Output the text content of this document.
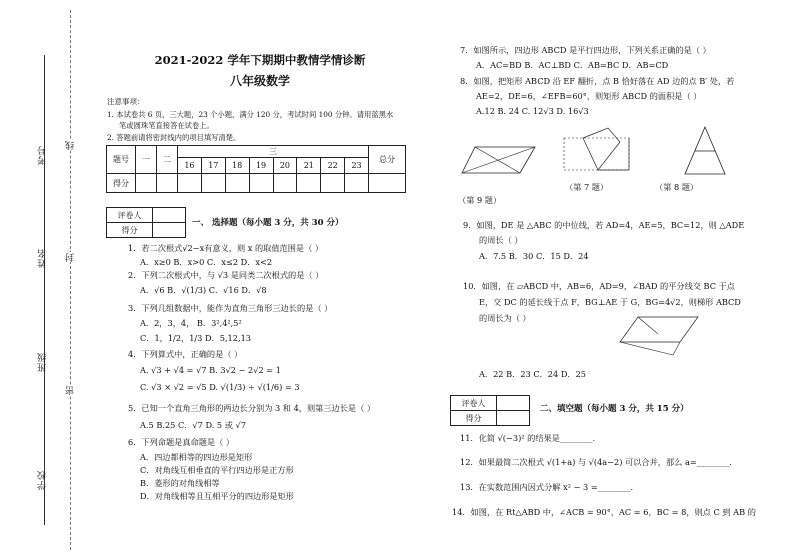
考号
姓名
班级
学校
线
封
密
2021-2022 学年下期期中教情学情诊断
八年级数学
注意事项：
1. 本试卷共 6 页，三大题，23 个小题，满分 120 分，考试时间 100 分钟。请用蓝黑水
笔或圆珠笔直接答在试卷上。
2. 答题前请将密封线内的项目填写清楚。
题号	一	二	三								总分
			16	17	18	19	20	21	22	23	
得分											
评卷人	
得分	
一、 选择题（每小题 3 分，共 30 分）
1．若二次根式√2−x有意义，则 x 的取值范围是（ ）
A．x≥0 B．x>0 C．x≤2 D．x<2
2．下列二次根式中，与 √3 是同类二次根式的是（ ）
A．√6 B．√(1/3) C．√16 D．√8
3．下列几组数据中，能作为直角三角形三边长的是（ ）
A．2，3，4， B．3²,4²,5²
C．1，1/2，1/3 D．5,12,13
4．下列算式中，正确的是（ ）
A. √3 + √4 = √7 B. 3√2 − 2√2 = 1
C. √3 × √2 = √5 D. √(1/3) ÷ √(1/6) = 3
5．已知一个直角三角形的两边长分别为 3 和 4，则第三边长是（ ）
A.5 B.25 C．√7 D. 5 或 √7
6．下列命题是真命题是（ ）
A．四边都相等的四边形是矩形
C．对角线互相垂直的平行四边形是正方形
B．菱形的对角线相等
D．对角线相等且互相平分的四边形是矩形
7．如图所示，四边形 ABCD 是平行四边形，下列关系正确的是（ ）
A．AC=BD B．AC⊥BD C．AB=BC D．AB=CD
8．如图，把矩形 ABCD 沿 EF 翻折，点 B 恰好落在 AD 边的点 B′ 处，若
AE=2，DE=6，∠EFB=60°，则矩形 ABCD 的面积是（ ）
A.12 B. 24 C. 12√3 D. 16√3
（第 9 题）
（第 7 题）	（第 8 题）
9．如图，DE 是 △ABC 的中位线，若 AD=4，AE=5，BC=12，则 △ADE
的周长（ ）
A．7.5 B．30 C．15 D．24
10．如图，在 ▱ABCD 中，AB=6，AD=9，∠BAD 的平分线交 BC 于点
E，交 DC 的延长线于点 F，BG⊥AE 于 G，BG=4√2，则梯形 ABCD
的周长为（ ）
A．22 B．23 C．24 D．25
评卷人	
得分	
二、填空题（每小题 3 分，共 15 分）
11．化简 √(−3)² 的结果是________．
12．如果最简二次根式 √(1+a) 与 √(4a−2) 可以合并，那么 a=________．
13．在实数范围内因式分解 x² − 3 =________．
14．如图，在 Rt△ABD 中，∠ACB = 90°，AC = 6，BC = 8，则点 C 到 AB 的
